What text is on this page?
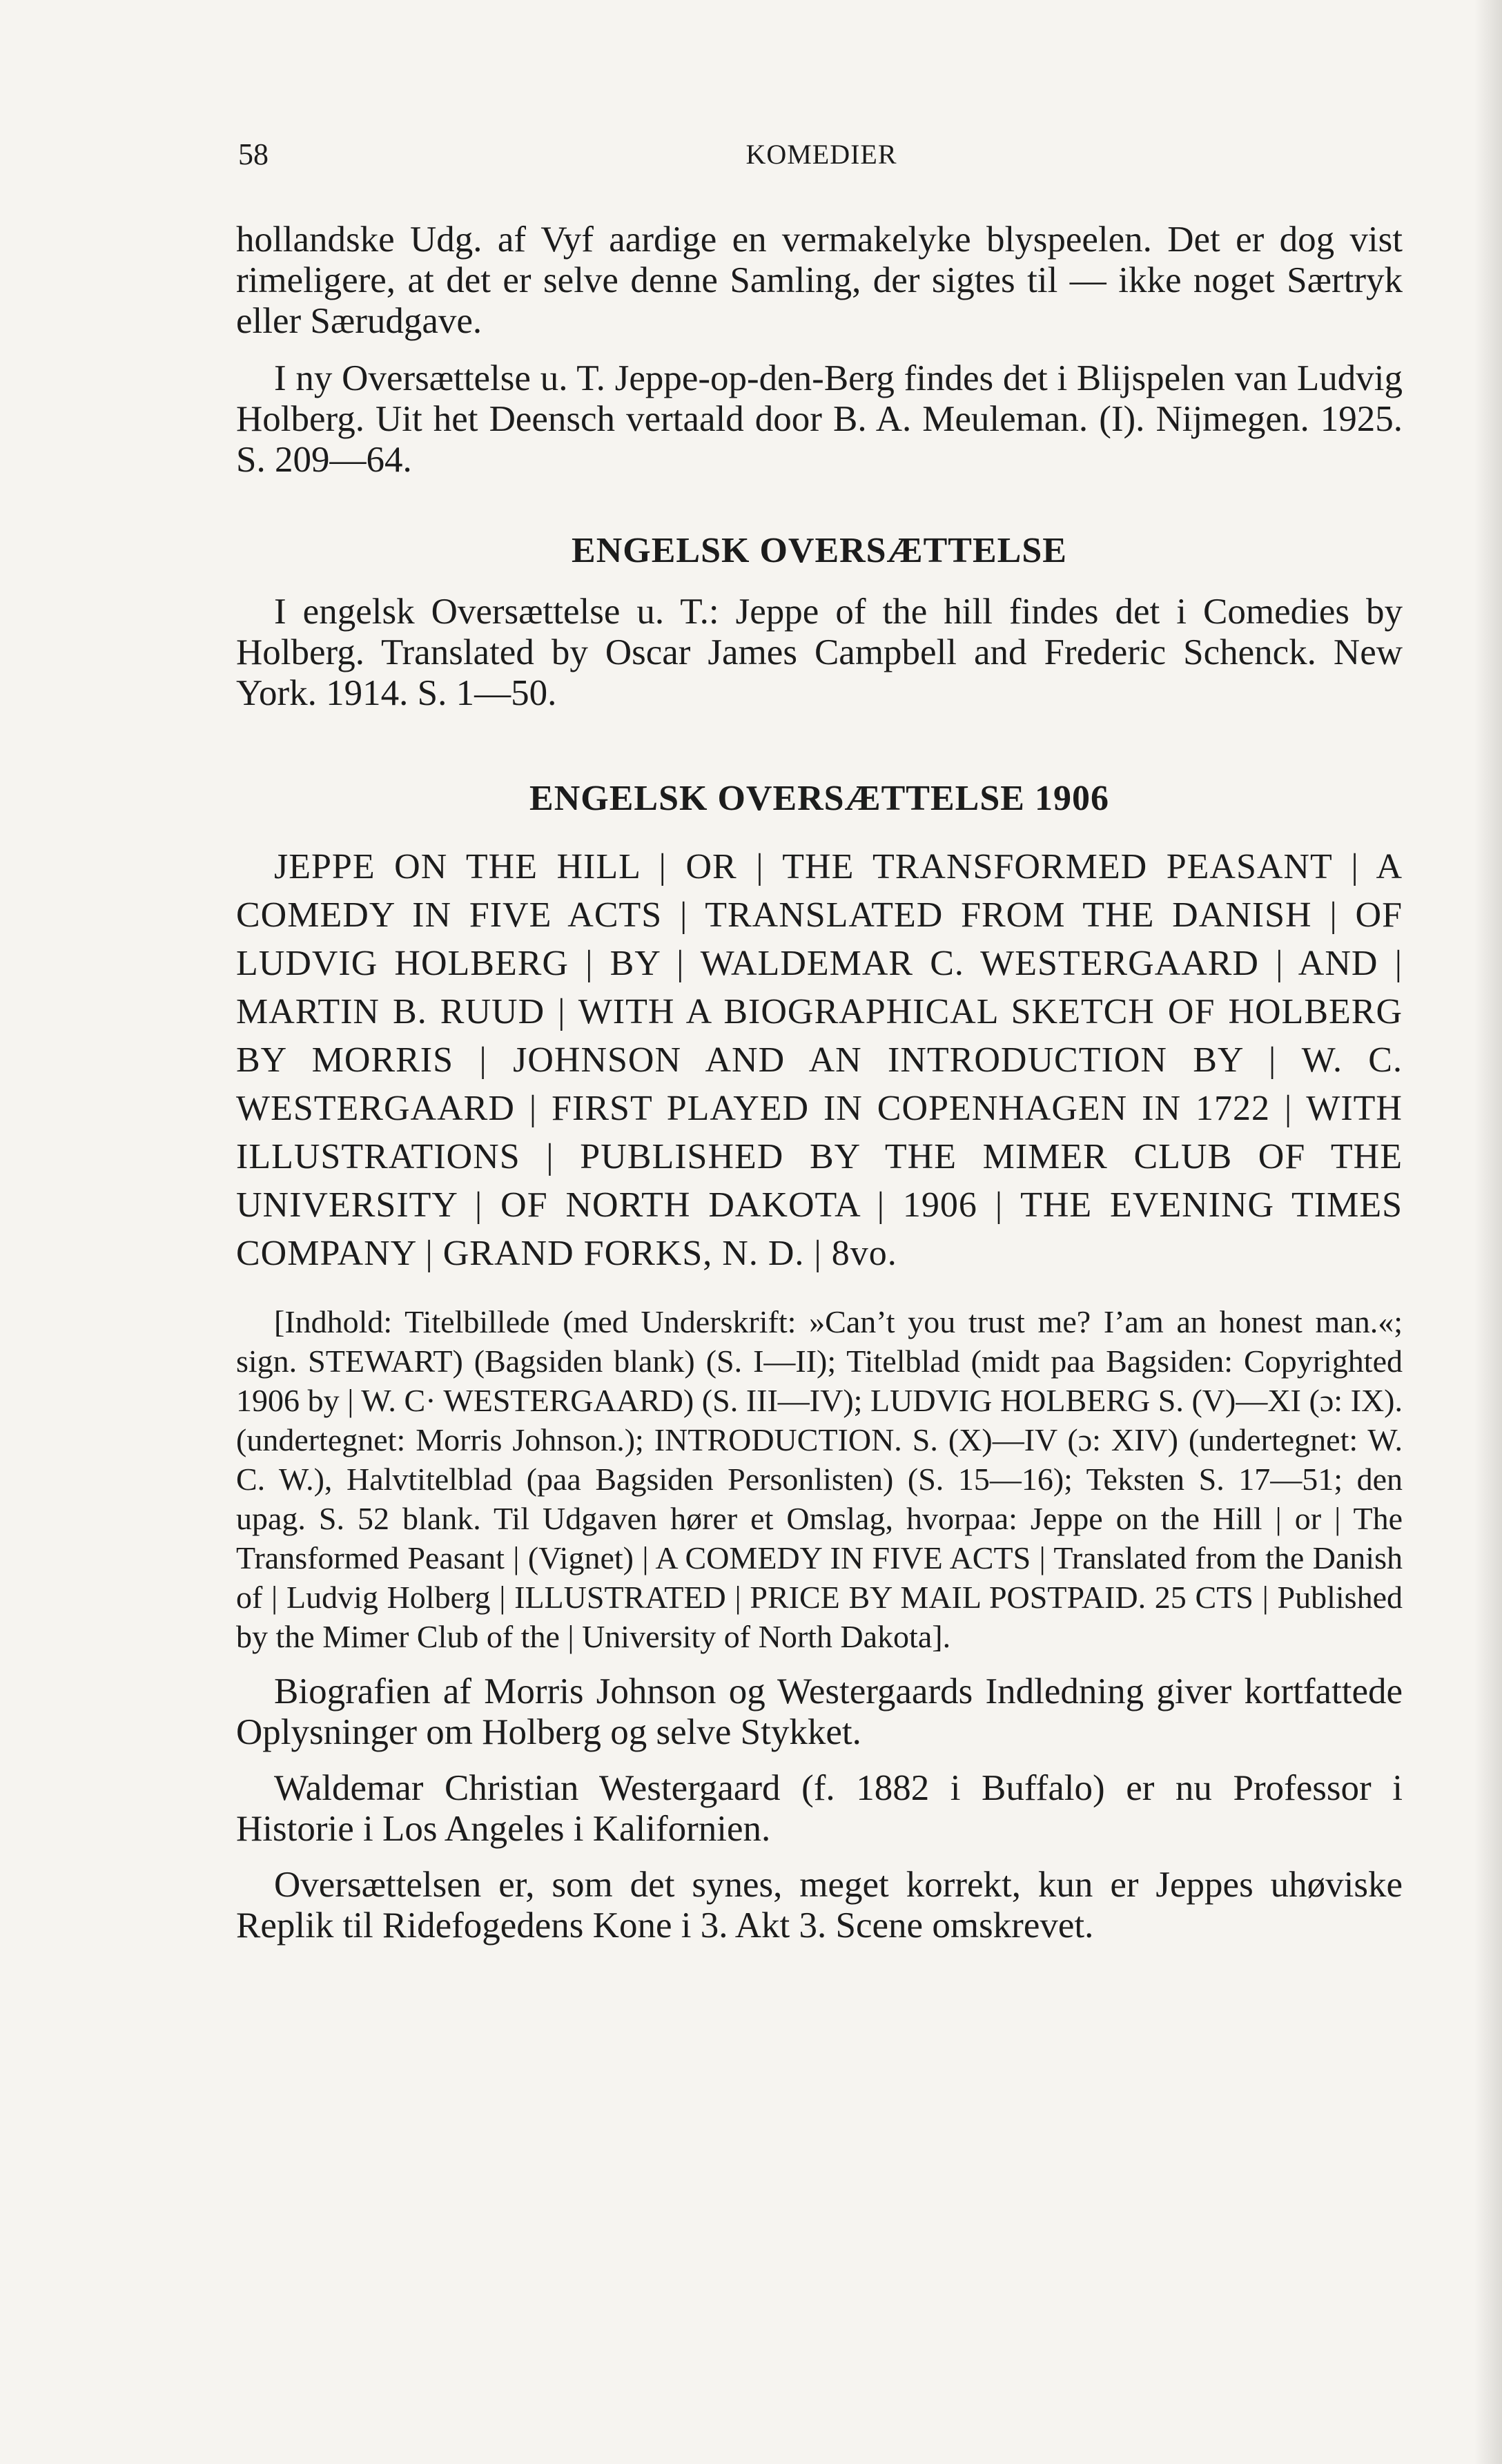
58	KOMEDIER

hollandske Udg. af Vyf aardige en vermakelyke blyspeelen. Det er dog vist rimeligere, at det er selve denne Samling, der sigtes til — ikke noget Særtryk eller Særudgave.

I ny Oversættelse u. T. Jeppe-op-den-Berg findes det i Blijspelen van Ludvig Holberg. Uit het Deensch vertaald door B. A. Meuleman. (I). Nijmegen. 1925. S. 209—64.

ENGELSK OVERSÆTTELSE

I engelsk Oversættelse u. T.: Jeppe of the hill findes det i Comedies by Holberg. Translated by Oscar James Campbell and Frederic Schenck. New York. 1914. S. 1—50.

ENGELSK OVERSÆTTELSE 1906

JEPPE ON THE HILL | OR | THE TRANSFORMED PEASANT | A COMEDY IN FIVE ACTS | TRANSLATED FROM THE DANISH | OF LUDVIG HOLBERG | BY | WALDEMAR C. WESTERGAARD | AND | MARTIN B. RUUD | WITH A BIOGRAPHICAL SKETCH OF HOLBERG BY MORRIS | JOHNSON AND AN INTRODUCTION BY | W. C. WESTERGAARD | FIRST PLAYED IN COPENHAGEN IN 1722 | WITH ILLUSTRATIONS | PUBLISHED BY THE MIMER CLUB OF THE UNIVERSITY | OF NORTH DAKOTA | 1906 | THE EVENING TIMES COMPANY | GRAND FORKS, N. D. | 8vo.

[Indhold: Titelbillede (med Underskrift: »Can’t you trust me? I’am an honest man.«; sign. STEWART) (Bagsiden blank) (S. I—II); Titelblad (midt paa Bagsiden: Copyrighted 1906 by | W. C· WESTERGAARD) (S. III—IV); LUDVIG HOLBERG S. (V)—XI (ɔ: IX). (undertegnet: Morris Johnson.); INTRODUCTION. S. (X)—IV (ɔ: XIV) (undertegnet: W. C. W.), Halvtitelblad (paa Bagsiden Personlisten) (S. 15—16); Teksten S. 17—51; den upag. S. 52 blank. Til Udgaven hører et Omslag, hvorpaa: Jeppe on the Hill | or | The Transformed Peasant | (Vignet) | A COMEDY IN FIVE ACTS | Translated from the Danish of | Ludvig Holberg | ILLUSTRATED | PRICE BY MAIL POSTPAID. 25 CTS | Published by the Mimer Club of the | University of North Dakota].

Biografien af Morris Johnson og Westergaards Indledning giver kortfattede Oplysninger om Holberg og selve Stykket.

Waldemar Christian Westergaard (f. 1882 i Buffalo) er nu Professor i Historie i Los Angeles i Kalifornien.

Oversættelsen er, som det synes, meget korrekt, kun er Jeppes uhøviske Replik til Ridefogedens Kone i 3. Akt 3. Scene omskrevet.
